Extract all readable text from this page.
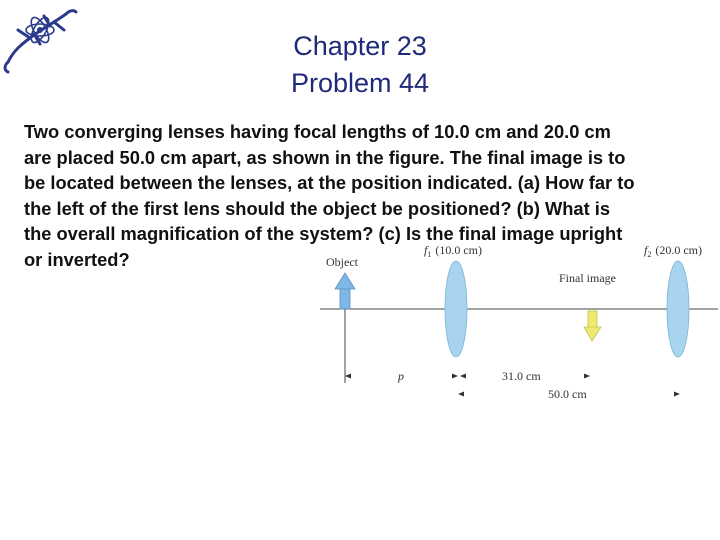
Chapter 23
Problem 44
Two converging lenses having focal lengths of 10.0 cm and 20.0 cm
are placed 50.0 cm apart, as shown in the figure. The final image is to
be located between the lenses, at the position indicated. (a) How far to
the left of the first lens should the object be positioned? (b) What is
the overall magnification of the system? (c) Is the final image upright
or inverted?	Object
$f_1$ (10.0 cm)	$f_2$ (20.0 cm)
Final image
p	31.0 cm
50.0 cm
